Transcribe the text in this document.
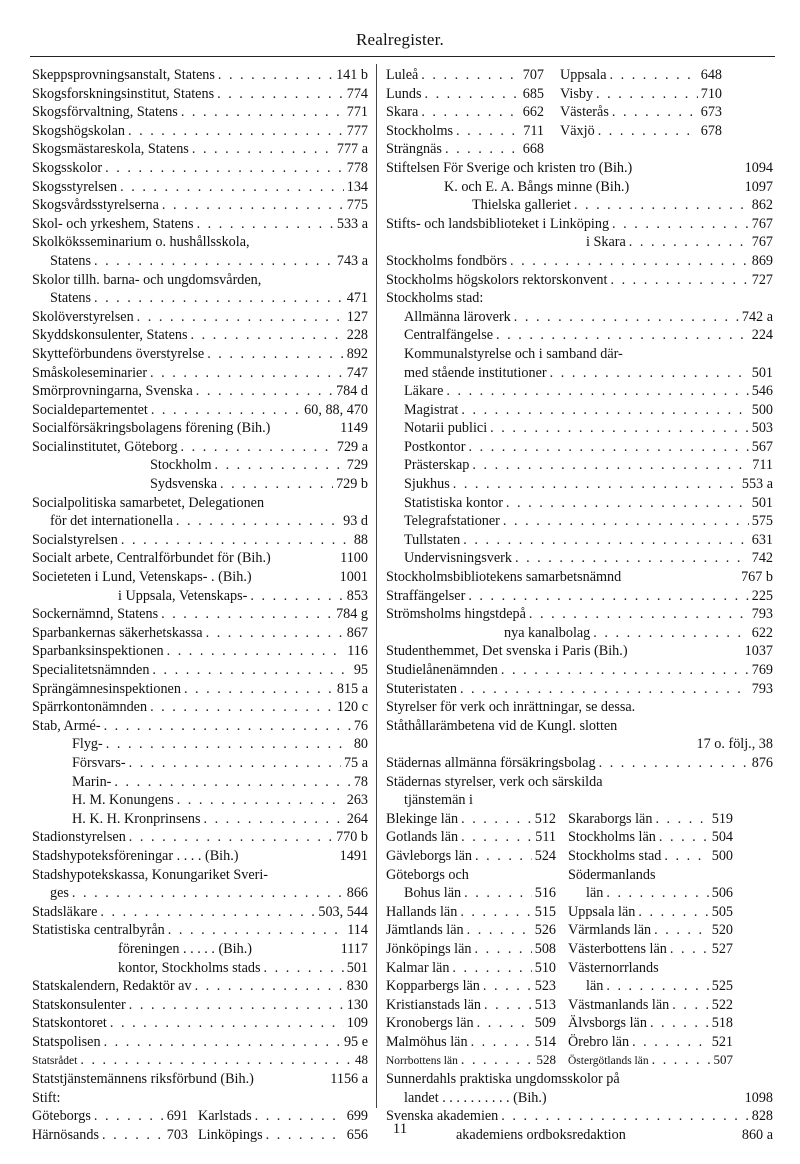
Realregister.
Skeppsprovningsanstalt, Statens . . .	141 b
Skogsforskningsinstitut, Statens . . .	774
Skogsförvaltning, Statens . . .	771
Skogshögskolan . . .	777
Skogsmästareskola, Statens . . .	777 a
Skogsskolor . . .	778
Skogsstyrelsen . . .	134
Skogsvårdsstyrelserna . . .	775
Skol- och yrkeshem, Statens . . .	533 a
Skolköksseminarium o. hushållsskola,
Statens . . .	743 a
Skolor tillh. barna- och ungdomsvården,
Statens . . .	471
Skolöverstyrelsen . . .	127
Skyddskonsulenter, Statens . . .	228
Skytteförbundens överstyrelse . . .	892
Småskoleseminarier . . .	747
Smörprovningarna, Svenska . . .	784 d
Socialdepartementet . . .	60, 88, 470
Socialförsäkringsbolagens förening (Bih.)	1149
Socialinstitutet, Göteborg . . .	729 a
Stockholm . . .	729
Sydsvenska . . .	729 b
Socialpolitiska samarbetet, Delegationen
för det internationella . . .	93 d
Socialstyrelsen . . .	88
Socialt arbete, Centralförbundet för (Bih.)	1100
Societeten i Lund, Vetenskaps- . (Bih.)	1001
i Uppsala, Vetenskaps- . . .	853
Sockernämnd, Statens . . .	784 g
Sparbankernas säkerhetskassa . . .	867
Sparbanksinspektionen . . .	116
Specialitetsnämnden . . .	95
Sprängämnesinspektionen . . .	815 a
Spärrkontonämnden . . .	120 c
Stab, Armé- . . .	76
Flyg- . . .	80
Försvars- . . .	75 a
Marin- . . .	78
H. M. Konungens . . .	263
H. K. H. Kronprinsens . . .	264
Stadionstyrelsen . . .	770 b
Stadshypoteksföreningar . . . . (Bih.)	1491
Stadshypotekskassa, Konungariket Sveri-
ges . . .	866
Stadsläkare . . .	503, 544
Statistiska centralbyrån . . .	114
föreningen . . . . . (Bih.)	1117
kontor, Stockholms stads . . .	501
Statskalendern, Redaktör av . . .	830
Statskonsulenter . . .	130
Statskontoret . . .	109
Statspolisen . . .	95 e
Statsrådet . . .	48
Statstjänstemännens riksförbund (Bih.)	1156 a
Stift:
Göteborgs . . .	691 Karlstads . . .	699
Härnösands . . .	703 Linköpings . . .	656
Luleå . . .	707 Uppsala . . .	648
Lunds . . .	685 Visby . . .	710
Skara . . .	662 Västerås . . .	673
Stockholms . . .	711 Växjö . . .	678
Strängnäs . . .	668
Stiftelsen För Sverige och kristen tro (Bih.)	1094
K. och E. A. Bångs minne (Bih.)	1097
Thielska galleriet . . .	862
Stifts- och landsbiblioteket i Linköping . . .	767
i Skara . . .	767
Stockholms fondbörs . . .	869
Stockholms högskolors rektorskonvent . . .	727
Stockholms stad:
Allmänna läroverk . . .	742 a
Centralfängelse . . .	224
Kommunalstyrelse och i samband där-
med stående institutioner . . .	501
Läkare . . .	546
Magistrat . . .	500
Notarii publici . . .	503
Postkontor . . .	567
Prästerskap . . .	711
Sjukhus . . .	553 a
Statistiska kontor . . .	501
Telegrafstationer . . .	575
Tullstaten . . .	631
Undervisningsverk . . .	742
Stockholmsbibliotekens samarbetsnämnd	767 b
Straffängelser . . .	225
Strömsholms hingstdepå . . .	793
nya kanalbolag . . .	622
Studenthemmet, Det svenska i Paris (Bih.)	1037
Studielånenämnden . . .	769
Stuteristaten . . .	793
Styrelser för verk och inrättningar, se dessa.
Ståthållarämbetena vid de Kungl. slotten
17 o. följ., 38
Städernas allmänna försäkringsbolag . . .	876
Städernas styrelser, verk och särskilda
tjänstemän i
Blekinge län . . .	512 Skaraborgs län . . .	519
Gotlands län . . .	511 Stockholms län . . .	504
Gävleborgs län . . .	524 Stockholms stad . . .	500
Göteborgs och	Södermanlands
Bohus län . . .	516	län . . .	506
Hallands län . . .	515 Uppsala län . . .	505
Jämtlands län . . .	526 Värmlands län . . .	520
Jönköpings län . . .	508 Västerbottens län . . .	527
Kalmar län . . .	510 Västernorrlands
Kopparbergs län . . .	523	län . . .	525
Kristianstads län . . .	513 Västmanlands län . . .	522
Kronobergs län . . .	509 Älvsborgs län . . .	518
Malmöhus län . . .	514 Örebro län . . .	521
Norrbottens län . . .	528 Östergötlands län . . .	507
Sunnerdahls praktiska ungdomsskolor på
landet . . . . . . . . . . (Bih.)	1098
Svenska akademien . . .	828
akademiens ordboksredaktion	860 a
11
